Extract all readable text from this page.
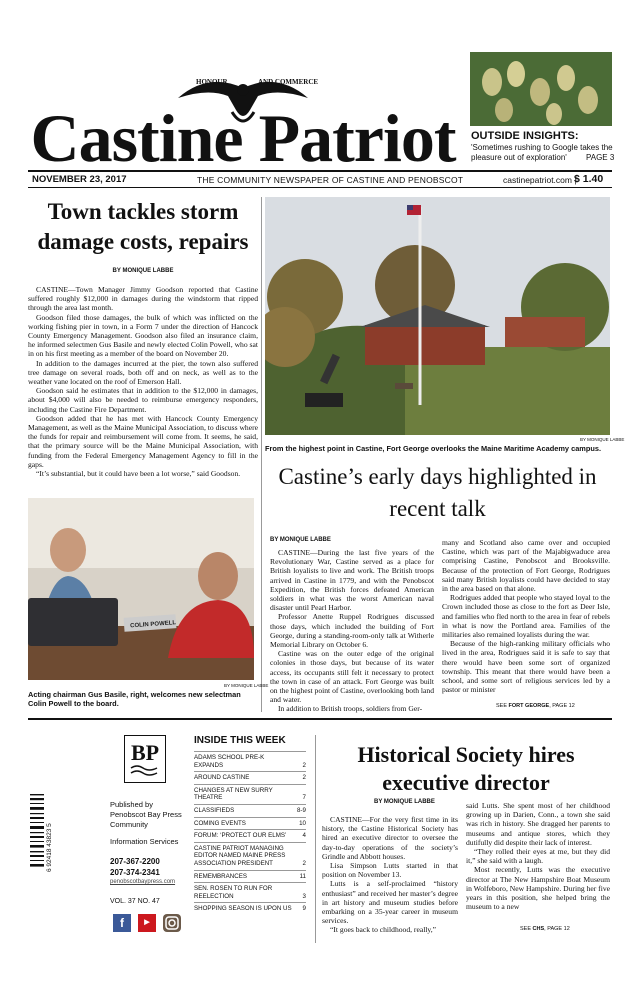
HONOUR	AND COMMERCE
Castine Patriot OUTSIDE INSIGHTS:
'Sometimes rushing to Google takes the pleasure out of exploration'	PAGE 3
NOVEMBER 23, 2017	THE COMMUNITY NEWSPAPER OF CASTINE AND PENOBSCOT	castinepatriot.com |
$ 1.40
Town tackles storm damage costs, repairs
BY MONIQUE LABBE

CASTINE—Town Manager Jimmy Goodson reported that Castine suffered roughly $12,000 in damages during the windstorm that ripped through the area last month.

Goodson filed those damages, the bulk of which was inflicted on the working fishing pier in town, in a Form 7 under the direction of Hancock County Emergency Management. Goodson also filed an insurance claim, he informed selectmen Gus Basile and newly elected Colin Powell, who sat in on his first meeting as a member of the board on November 20.

In addition to the damages incurred at the pier, the town also suffered tree damage on several roads, both off and on neck, as well as to the weather vane located on the roof of Emerson Hall.

Goodson said he estimates that in addition to the $12,000 in damages, about $4,000 will also be needed to reimburse emergency responders, including the Castine Fire Department.

Goodson added that he has met with Hancock County Emergency Management, as well as the Maine Municipal Association, to discuss where the funds for repair and reimbursement will come from. It seems, he said, that the primary source will be the Maine Municipal Association, with funding from the Federal Emergency Management Agency to fill in the gaps.

“It’s substantial, but it could have been a lot worse,” said Goodson.

COLIN POWELL
BY MONIQUE LABBE
Acting chairman Gus Basile, right, welcomes new selectman Colin Powell to the board.
BY MONIQUE LABBE
From the highest point in Castine, Fort George overlooks the Maine Maritime Academy campus.
Castine’s early days highlighted in recent talk
BY MONIQUE LABBE

CASTINE—During the last five years of the Revolutionary War, Castine served as a place for British loyalists to live and work. The British troops arrived in Castine in 1779, and with the Penobscot Expedition, the British forces defeated American soldiers in what was the worst American naval disaster until Pearl Harbor.

Professor Anette Ruppel Rodrigues discussed those days, which included the building of Fort George, during a standing-room-only talk at Witherle Memorial Library on October 6.

Castine was on the outer edge of the original colonies in those days, but because of its water access, its occupants still felt it necessary to protect the town in case of an attack. Fort George was built on the highest point of Castine, overlooking both land and water.

In addition to British troops, soldiers from Ger-

many and Scotland also came over and occupied Castine, which was part of the Majabigwaduce area comprising Castine, Penobscot and Brooksville. Because of the protection of Fort George, Rodrigues said many British loyalists could have decided to stay in the area based on that alone.

Rodrigues added that people who stayed loyal to the Crown included those as close to the fort as Deer Isle, and families who fled north to the area in fear of rebels in what is now the Portland area. Families of the militaries also remained loyalists during the war.

Because of the high-ranking military officials who lived in the area, Rodrigues said it is safe to say that there would have been some sort of organized township. This meant that there would have been a school, and some sort of religious services led by a pastor or minister

SEE FORT GEORGE, PAGE 12
BP
6 92418 43823 5
Published by Penobscot Bay Press Community
Information Services
207-367-2200
207-374-2341
penobscotbaypress.com
VOL. 37 NO. 47
f	▶
INSIDE THIS WEEK
ADAMS SCHOOL PRE-K EXPANDS	2
AROUND CASTINE	2
CHANGES AT NEW SURRY THEATRE	7
CLASSIFIEDS	8-9
COMING EVENTS	10
FORUM: ‘PROTECT OUR ELMS’	4
CASTINE PATRIOT MANAGING EDITOR NAMED MAINE PRESS ASSOCIATION PRESIDENT	2
REMEMBRANCES	11
SEN. ROSEN TO RUN FOR REELECTION	3
SHOPPING SEASON IS UPON US	9
Historical Society hires executive director
BY MONIQUE LABBE

CASTINE—For the very first time in its history, the Castine Historical Society has hired an executive director to oversee the day-to-day operations of the society’s Grindle and Abbott houses.

Lisa Simpson Lutts started in that position on November 13.

Lutts is a self-proclaimed “history enthusiast” and received her master’s degree in art history and museum studies before embarking on a 35-year career in museum services.

“It goes back to childhood, really,”

said Lutts. She spent most of her childhood growing up in Darien, Conn., a town she said was rich in history. She dragged her parents to museums and antique stores, which they dutifully did despite their lack of interest.

“They rolled their eyes at me, but they did it,” she said with a laugh.

Most recently, Lutts was the executive director at The New Hampshire Boat Museum in Wolfeboro, New Hampshire. During her five years in this position, she helped bring the museum to a new

SEE CHS, PAGE 12
